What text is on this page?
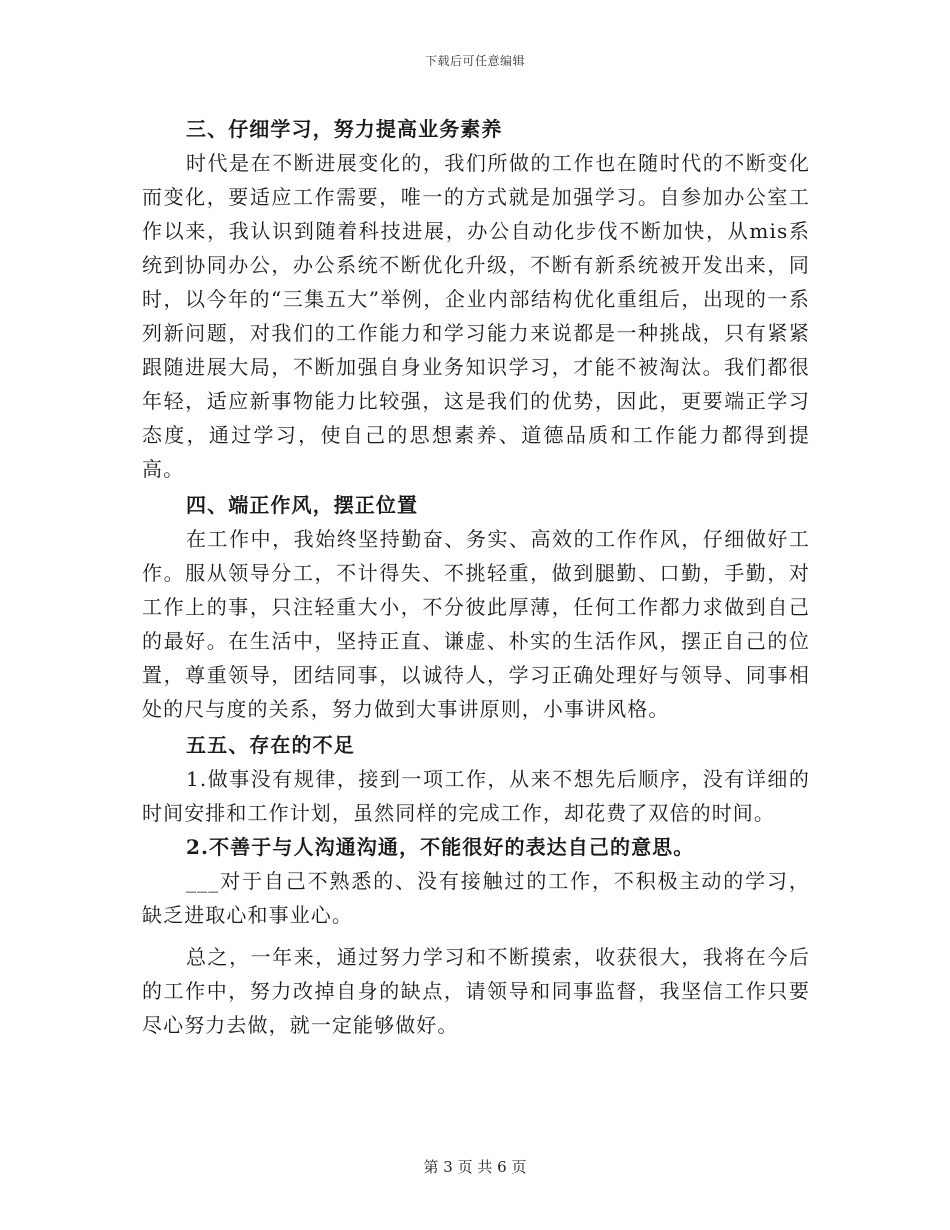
下载后可任意编辑

三、仔细学习，努力提高业务素养

时代是在不断进展变化的，我们所做的工作也在随时代的不断变化而变化，要适应工作需要，唯一的方式就是加强学习。自参加办公室工作以来，我认识到随着科技进展，办公自动化步伐不断加快，从mis系统到协同办公，办公系统不断优化升级，不断有新系统被开发出来，同时，以今年的“三集五大”举例，企业内部结构优化重组后，出现的一系列新问题，对我们的工作能力和学习能力来说都是一种挑战，只有紧紧跟随进展大局，不断加强自身业务知识学习，才能不被淘汰。我们都很年轻，适应新事物能力比较强，这是我们的优势，因此，更要端正学习态度，通过学习，使自己的思想素养、道德品质和工作能力都得到提高。

四、端正作风，摆正位置

在工作中，我始终坚持勤奋、务实、高效的工作作风，仔细做好工作。服从领导分工，不计得失、不挑轻重，做到腿勤、口勤，手勤，对工作上的事，只注轻重大小，不分彼此厚薄，任何工作都力求做到自己的最好。在生活中，坚持正直、谦虚、朴实的生活作风，摆正自己的位置，尊重领导，团结同事，以诚待人，学习正确处理好与领导、同事相处的尺与度的关系，努力做到大事讲原则，小事讲风格。

五五、存在的不足

1.做事没有规律，接到一项工作，从来不想先后顺序，没有详细的时间安排和工作计划，虽然同样的完成工作，却花费了双倍的时间。

2.不善于与人沟通沟通，不能很好的表达自己的意思。

___对于自己不熟悉的、没有接触过的工作，不积极主动的学习，缺乏进取心和事业心。

总之，一年来，通过努力学习和不断摸索，收获很大，我将在今后的工作中，努力改掉自身的缺点，请领导和同事监督，我坚信工作只要尽心努力去做，就一定能够做好。

第 3 页 共 6 页
